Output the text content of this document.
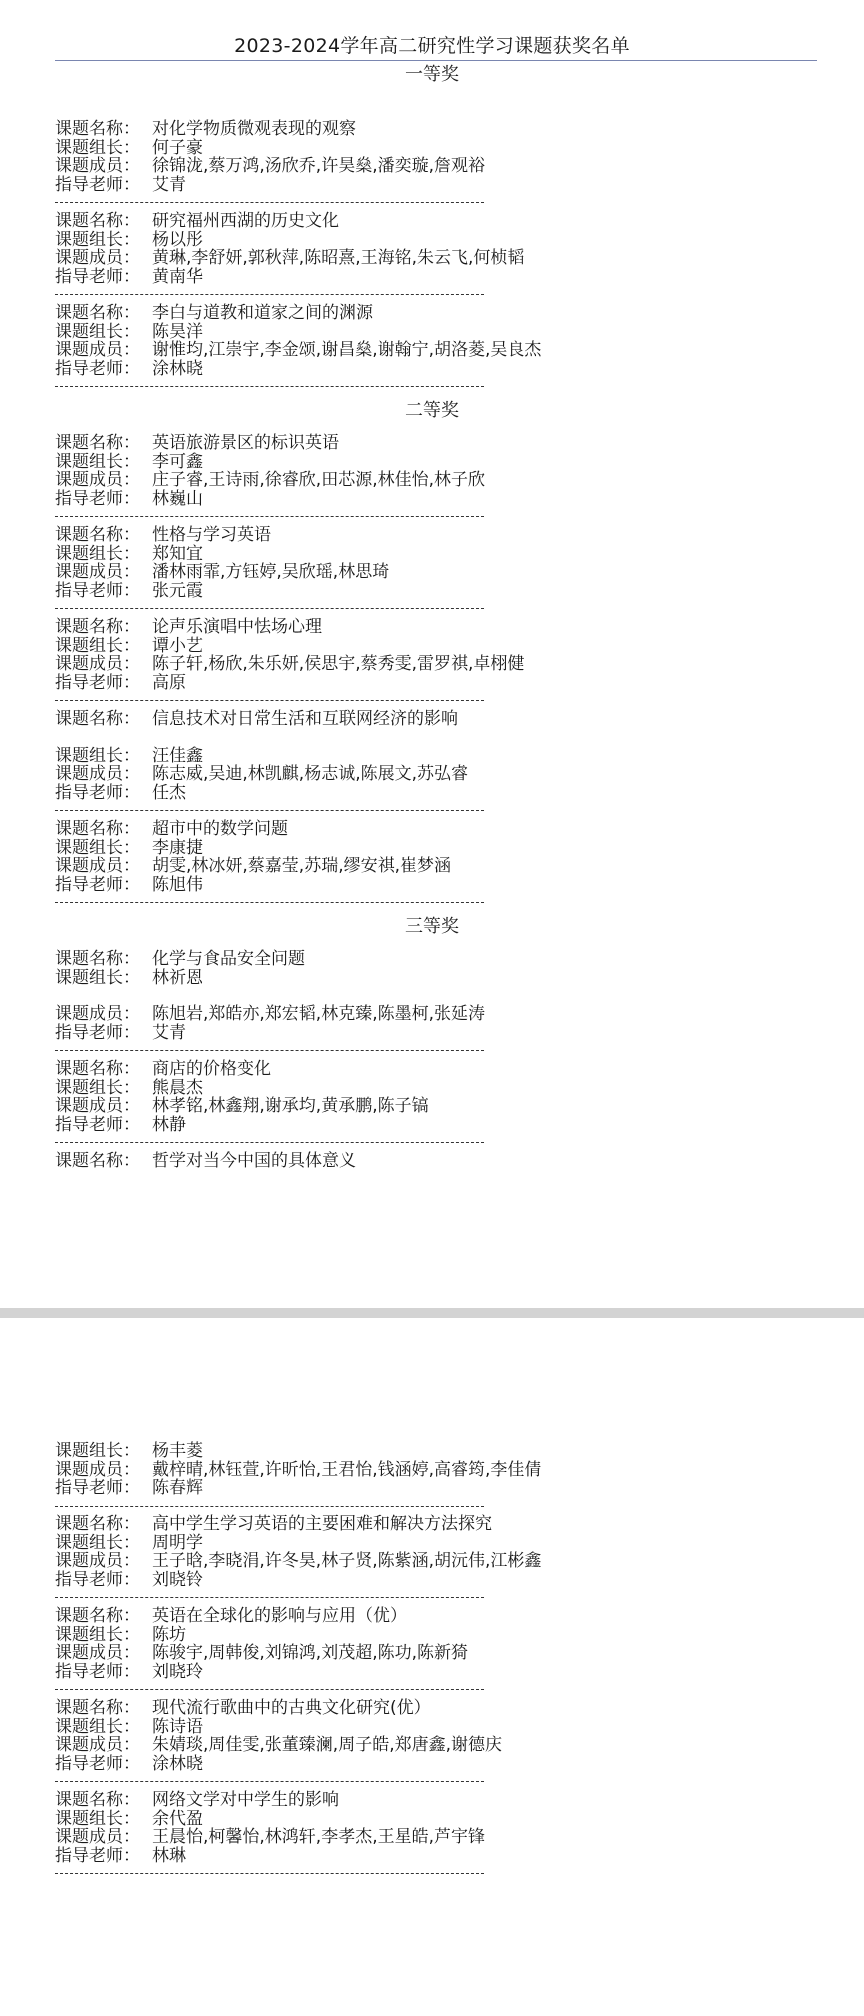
2023-2024学年高二研究性学习课题获奖名单
一等奖
课题名称： 对化学物质微观表现的观察
课题组长： 何子豪
课题成员： 徐锦泷,蔡万鸿,汤欣乔,许昊燊,潘奕璇,詹观裕
指导老师： 艾青
课题名称： 研究福州西湖的历史文化
课题组长： 杨以彤
课题成员： 黄琳,李舒妍,郭秋萍,陈昭熹,王海铭,朱云飞,何桢韬
指导老师： 黄南华
课题名称： 李白与道教和道家之间的渊源
课题组长： 陈昊洋
课题成员： 谢惟均,江崇宇,李金颂,谢昌燊,谢翰宁,胡洛菱,吴良杰
指导老师： 涂林晓
二等奖
课题名称： 英语旅游景区的标识英语
课题组长： 李可鑫
课题成员： 庄子睿,王诗雨,徐睿欣,田芯源,林佳怡,林子欣
指导老师： 林巍山
课题名称： 性格与学习英语
课题组长： 郑知宜
课题成员： 潘林雨霏,方钰婷,吴欣瑶,林思琦
指导老师： 张元霞
课题名称： 论声乐演唱中怯场心理
课题组长： 谭小艺
课题成员： 陈子轩,杨欣,朱乐妍,侯思宇,蔡秀雯,雷罗祺,卓栩健
指导老师： 高原
课题名称： 信息技术对日常生活和互联网经济的影响
课题组长： 汪佳鑫
课题成员： 陈志威,吴迪,林凯麒,杨志诚,陈展文,苏弘睿
指导老师： 任杰
课题名称： 超市中的数学问题
课题组长： 李康捷
课题成员： 胡雯,林冰妍,蔡嘉莹,苏瑞,缪安祺,崔梦涵
指导老师： 陈旭伟
三等奖
课题名称： 化学与食品安全问题
课题组长： 林祈恩
课题成员： 陈旭岩,郑皓亦,郑宏韬,林克臻,陈墨柯,张延涛
指导老师： 艾青
课题名称： 商店的价格变化
课题组长： 熊晨杰
课题成员： 林孝铭,林鑫翔,谢承均,黄承鹏,陈子镐
指导老师： 林静
课题名称： 哲学对当今中国的具体意义
课题组长： 杨丰菱
课题成员： 戴梓晴,林钰萱,许昕怡,王君怡,钱涵婷,高睿筠,李佳倩
指导老师： 陈春辉
课题名称： 高中学生学习英语的主要困难和解决方法探究
课题组长： 周明学
课题成员： 王子晗,李晓涓,许冬昊,林子贤,陈紫涵,胡沅伟,江彬鑫
指导老师： 刘晓铃
课题名称： 英语在全球化的影响与应用（优）
课题组长： 陈坊
课题成员： 陈骏宇,周韩俊,刘锦鸿,刘茂超,陈功,陈新猗
指导老师： 刘晓玲
课题名称： 现代流行歌曲中的古典文化研究(优）
课题组长： 陈诗语
课题成员： 朱婧琰,周佳雯,张董臻澜,周子皓,郑唐鑫,谢德庆
指导老师： 涂林晓
课题名称： 网络文学对中学生的影响
课题组长： 余代盈
课题成员： 王晨怡,柯馨怡,林鸿轩,李孝杰,王星皓,芦宇锋
指导老师： 林琳
